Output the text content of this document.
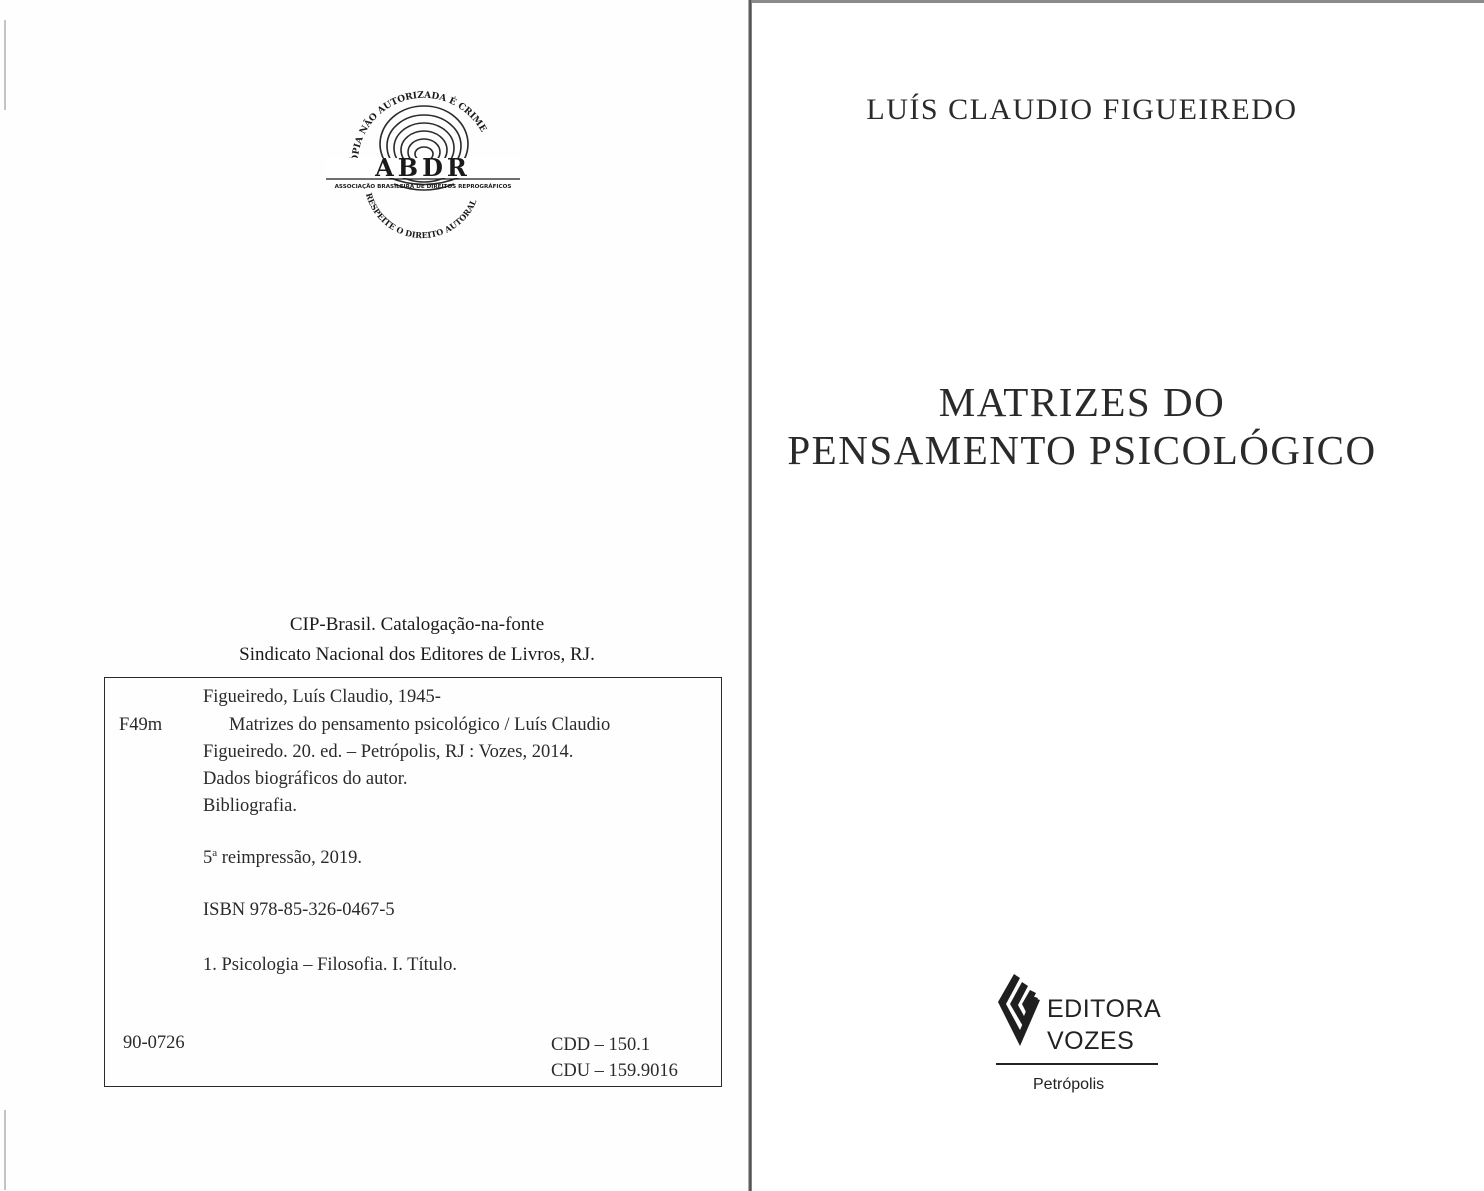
PIA NÃO AUTORIZADA É CRIME
ABDR
ASSOCIAÇÃO BRASILEIRA DE DIREITOS REPROGRÁFICOS
RESPEITE O DIREITO AUTORAL
CIP-Brasil. Catalogação-na-fonte
Sindicato Nacional dos Editores de Livros, RJ.
Figueiredo, Luís Claudio, 1945-
F49m	Matrizes do pensamento psicológico / Luís Claudio
Figueiredo. 20. ed. – Petrópolis, RJ : Vozes, 2014.
Dados biográficos do autor.
Bibliografia.
5$^a$ reimpressão, 2019.
ISBN 978-85-326-0467-5
1. Psicologia – Filosofia. I. Título.
90-0726	CDD – 150.1
CDU – 159.9016
LUÍS CLAUDIO FIGUEIREDO
MATRIZES DO
PENSAMENTO PSICOLÓGICO
EDITORA
VOZES
Petrópolis
